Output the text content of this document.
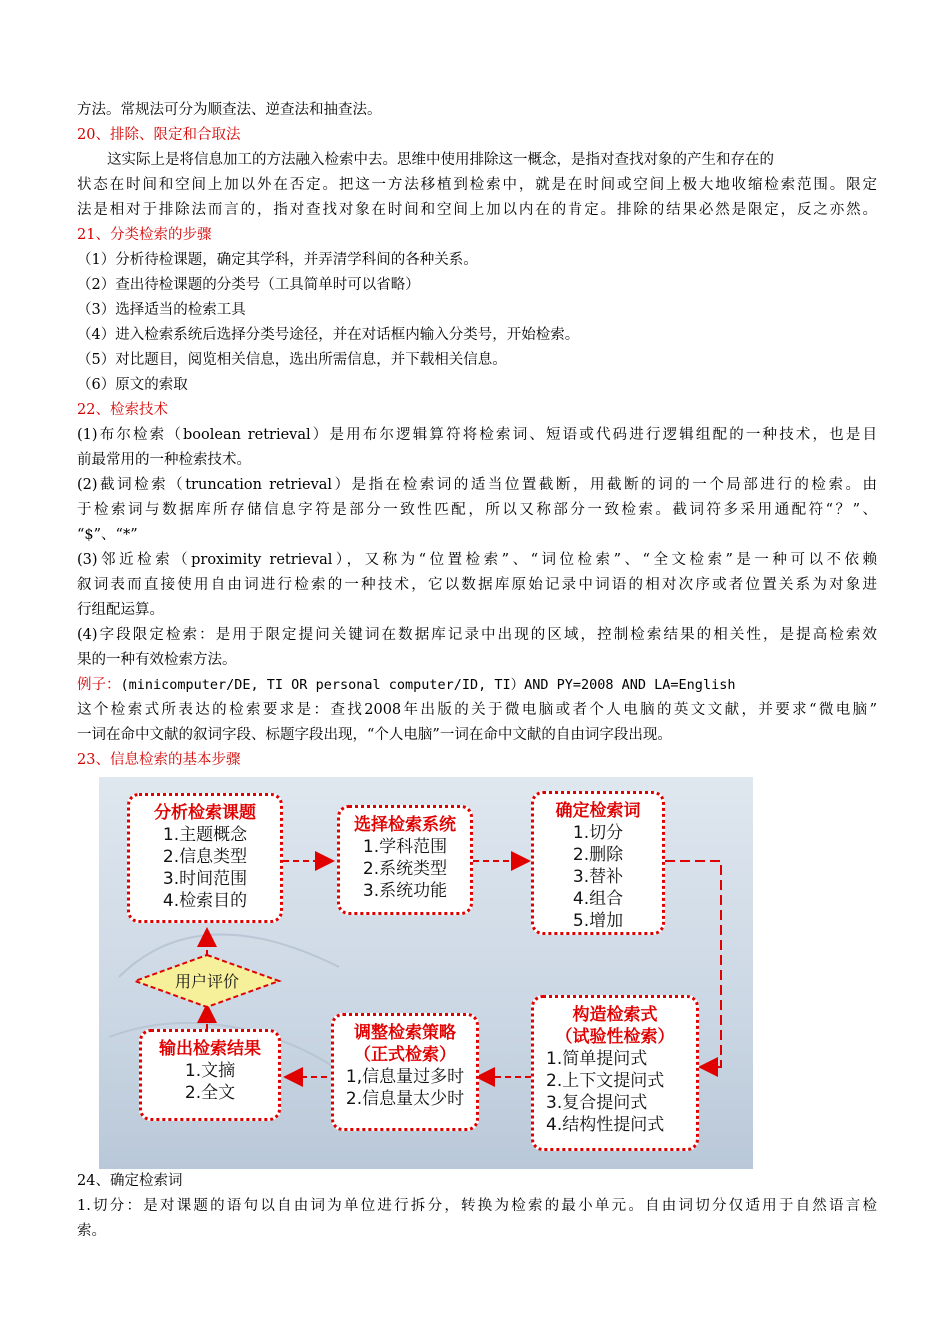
方法。常规法可分为顺查法、逆查法和抽查法。
20、排除、限定和合取法
这实际上是将信息加工的方法融入检索中去。思维中使用排除这一概念，是指对查找对象的产生和存在的
状态在时间和空间上加以外在否定。把这一方法移植到检索中，就是在时间或空间上极大地收缩检索范围。限定
法是相对于排除法而言的，指对查找对象在时间和空间上加以内在的肯定。排除的结果必然是限定，反之亦然。
21、分类检索的步骤
（1）分析待检课题，确定其学科，并弄清学科间的各种关系。
（2）查出待检课题的分类号（工具简单时可以省略）
（3）选择适当的检索工具
（4）进入检索系统后选择分类号途径，并在对话框内输入分类号，开始检索。
（5）对比题目，阅览相关信息，选出所需信息，并下载相关信息。
（6）原文的索取
22、检索技术
(1)布尔检索（boolean retrieval）是用布尔逻辑算符将检索词、短语或代码进行逻辑组配的一种技术，也是目
前最常用的一种检索技术。
(2)截词检索（truncation retrieval）是指在检索词的适当位置截断，用截断的词的一个局部进行的检索。由
于检索词与数据库所存储信息字符是部分一致性匹配，所以又称部分一致检索。截词符多采用通配符“？”、
“$”、“*”
(3)邻近检索（proximity retrieval），又称为“位置检索”、“词位检索”、“全文检索”是一种可以不依赖
叙词表而直接使用自由词进行检索的一种技术，它以数据库原始记录中词语的相对次序或者位置关系为对象进
行组配运算。
(4)字段限定检索：是用于限定提问关键词在数据库记录中出现的区域，控制检索结果的相关性，是提高检索效
果的一种有效检索方法。
例子：(minicomputer/DE, TI OR personal computer/ID, TI）AND PY=2008 AND LA=English
这个检索式所表达的检索要求是：查找2008年出版的关于微电脑或者个人电脑的英文文献，并要求“微电脑”
一词在命中文献的叙词字段、标题字段出现，“个人电脑”一词在命中文献的自由词字段出现。
23、信息检索的基本步骤
用户评价
分析检索课题
1.主题概念
2.信息类型
3.时间范围
4.检索目的
选择检索系统
1.学科范围
2.系统类型
3.系统功能
确定检索词
1.切分
2.删除
3.替补
4.组合
5.增加
构造检索式
（试验性检索）
1.简单提问式
2.上下文提问式
3.复合提问式
4.结构性提问式
调整检索策略
（正式检索）
1,信息量过多时
2.信息量太少时
输出检索结果
1.文摘
2.全文
24、确定检索词
1.切分：是对课题的语句以自由词为单位进行拆分，转换为检索的最小单元。自由词切分仅适用于自然语言检
索。
